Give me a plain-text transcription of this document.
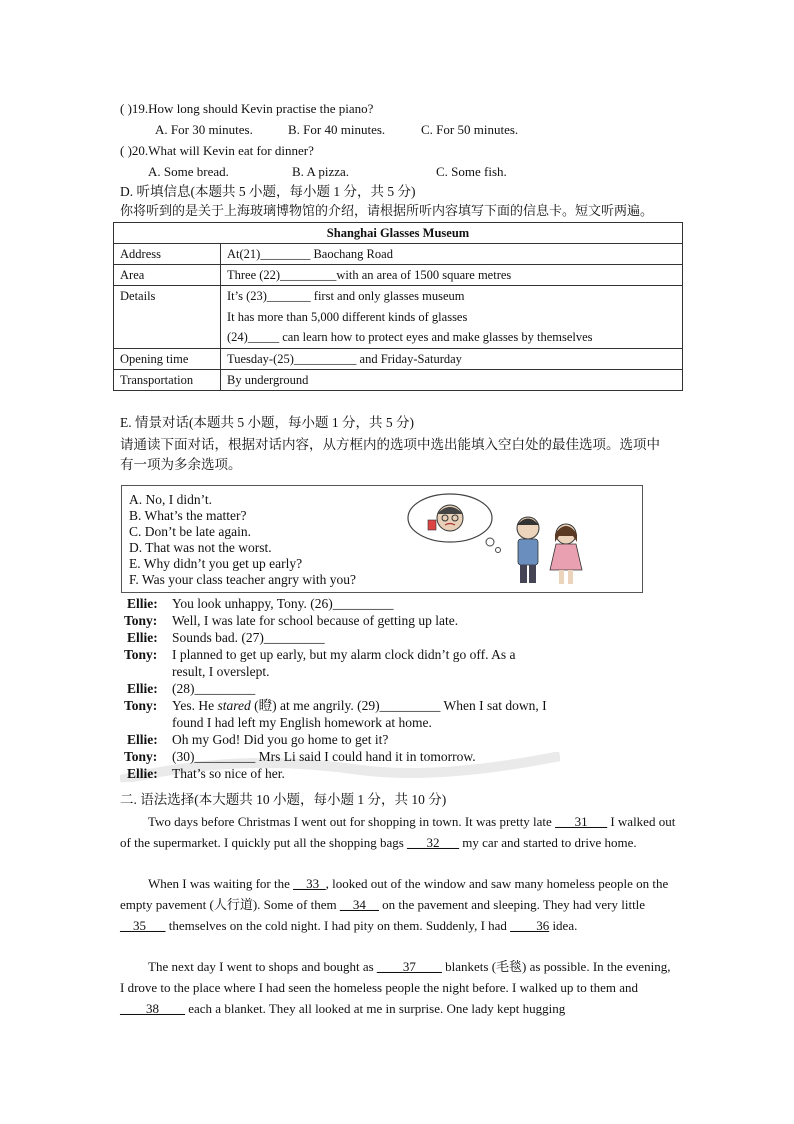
( )19.How long should Kevin practise the piano?
A. For 30 minutes.	B. For 40 minutes.	C. For 50 minutes.
( )20.What will Kevin eat for dinner?
A. Some bread.	B. A pizza.	C. Some fish.
D. 听填信息(本题共 5 小题，每小题 1 分，共 5 分)
你将听到的是关于上海玻璃博物馆的介绍，请根据所听内容填写下面的信息卡。短文听两遍。
Shanghai Glasses Museum	
Address	At(21)________ Baochang Road
Area	Three (22)_________with an area of 1500 square metres
Details	It’s (23)_______ first and only glasses museum
It has more than 5,000 different kinds of glasses
(24)_____ can learn how to protect eyes and make glasses by themselves

Opening time	Tuesday-(25)__________ and Friday-Saturday
Transportation	By underground
E. 情景对话(本题共 5 小题，每小题 1 分，共 5 分)
请通读下面对话，根据对话内容，从方框内的选项中选出能填入空白处的最佳选项。选项中
有一项为多余选项。
A. No, I didn’t.
B. What’s the matter?
C. Don’t be late again.
D. That was not the worst.
E. Why didn’t you get up early?
F. Was your class teacher angry with you?
Ellie: You look unhappy, Tony. (26)_________
Tony: Well, I was late for school because of getting up late.
Ellie: Sounds bad. (27)_________
Tony: I planned to get up early, but my alarm clock didn’t go off. As a
result, I overslept.
Ellie: (28)_________
Tony: Yes. He stared (瞪) at me angrily. (29)_________ When I sat down, I
found I had left my English homework at home.
Ellie: Oh my God! Did you go home to get it?
Tony: (30)_________ Mrs Li said I could hand it in tomorrow.
Ellie: That’s so nice of her.
二. 语法选择(本大题共 10 小题，每小题 1 分，共 10 分)
Two days before Christmas I went out for shopping in town. It was pretty late ___31___ I walked out of the supermarket. I quickly put all the shopping bags ___32___ my car and started to drive home.
When I was waiting for the __33_, looked out of the window and saw many homeless people on the empty pavement (人行道). Some of them __34__ on the pavement and sleeping. They had very little __35___ themselves on the cold night. I had pity on them. Suddenly, I had ____36 idea.
The next day I went to shops and bought as ____37____ blankets (毛毯) as possible. In the evening, I drove to the place where I had seen the homeless people the night before. I walked up to them and ____38____ each a blanket. They all looked at me in surprise. One lady kept hugging
